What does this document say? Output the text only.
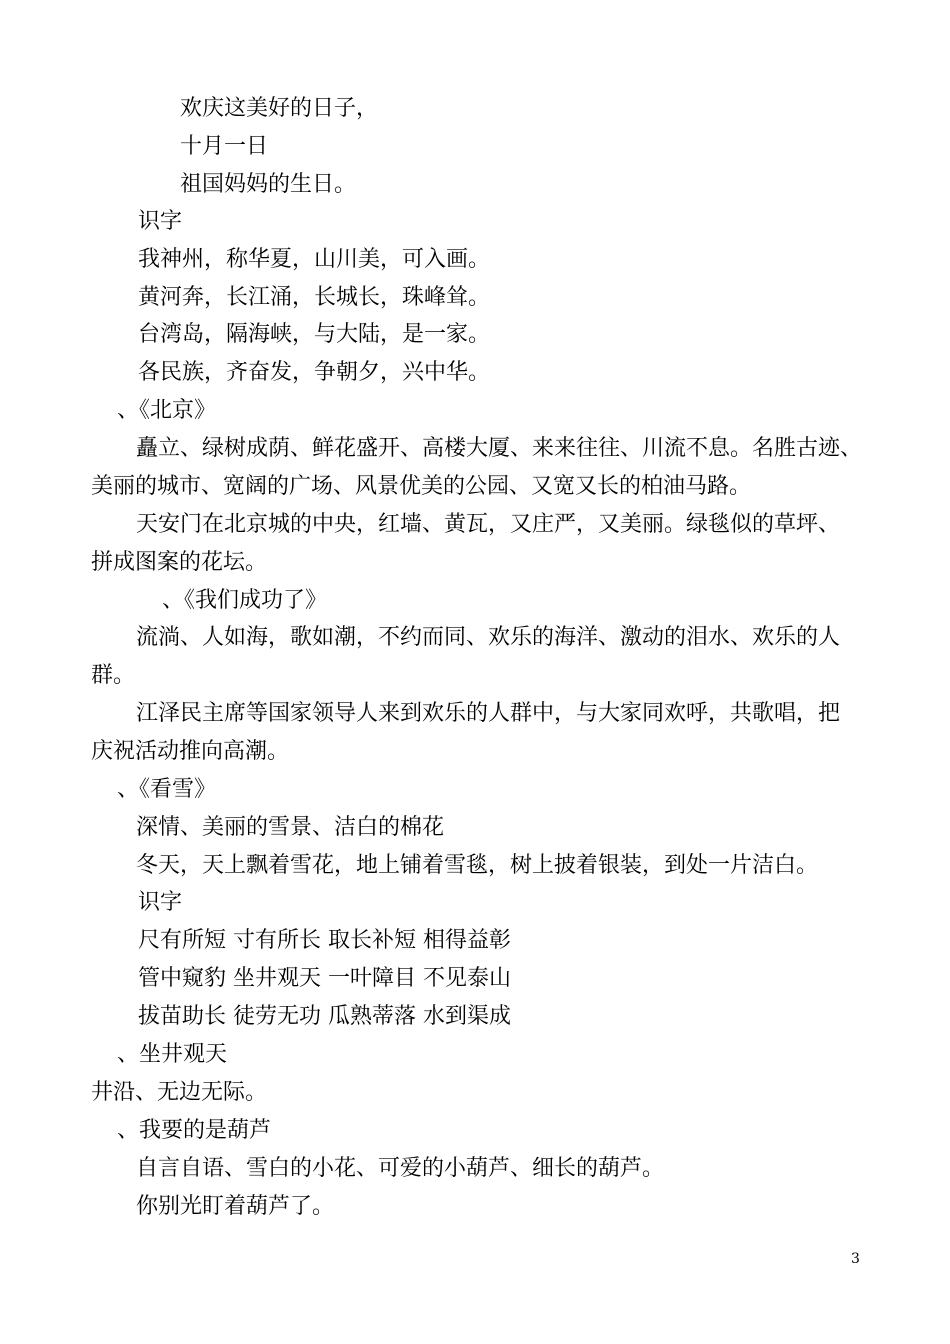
欢庆这美好的日子，
十月一日
祖国妈妈的生日。
识字
我神州，称华夏，山川美，可入画。
黄河奔，长江涌，长城长，珠峰耸。
台湾岛，隔海峡，与大陆，是一家。
各民族，齐奋发，争朝夕，兴中华。
、《北京》
矗立、绿树成荫、鲜花盛开、高楼大厦、来来往往、川流不息。名胜古迹、
美丽的城市、宽阔的广场、风景优美的公园、又宽又长的柏油马路。
天安门在北京城的中央，红墙、黄瓦，又庄严，又美丽。绿毯似的草坪、
拼成图案的花坛。
、《我们成功了》
流淌、人如海，歌如潮，不约而同、欢乐的海洋、激动的泪水、欢乐的人
群。
江泽民主席等国家领导人来到欢乐的人群中，与大家同欢呼，共歌唱，把
庆祝活动推向高潮。
、《看雪》
深情、美丽的雪景、洁白的棉花
冬天，天上飘着雪花，地上铺着雪毯，树上披着银装，到处一片洁白。
识字
尺有所短 寸有所长 取长补短 相得益彰
管中窥豹 坐井观天 一叶障目 不见泰山
拔苗助长 徒劳无功 瓜熟蒂落 水到渠成
、坐井观天
井沿、无边无际。
、我要的是葫芦
自言自语、雪白的小花、可爱的小葫芦、细长的葫芦。
你别光盯着葫芦了。
3
